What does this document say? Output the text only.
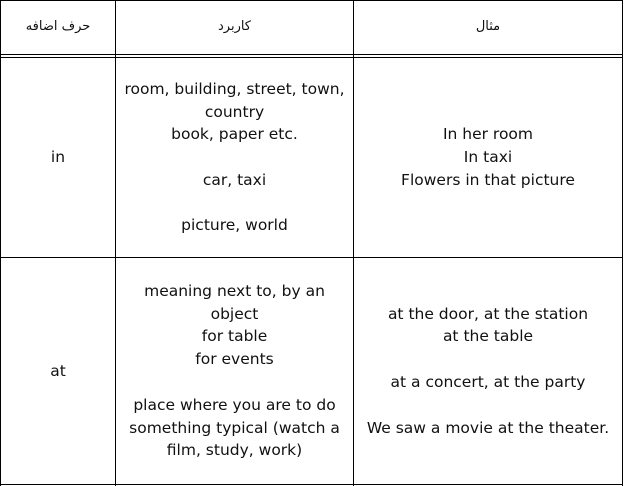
حرف اضافه	کاربرد	مثال
in
room, building, street, town,
country
book, paper etc.
car, taxi
picture, world
In her room
In taxi
Flowers in that picture
at
meaning next to, by an
object
for table
for events
place where you are to do
something typical (watch a
film, study, work)
at the door, at the station
at the table
at a concert, at the party
We saw a movie at the theater.
